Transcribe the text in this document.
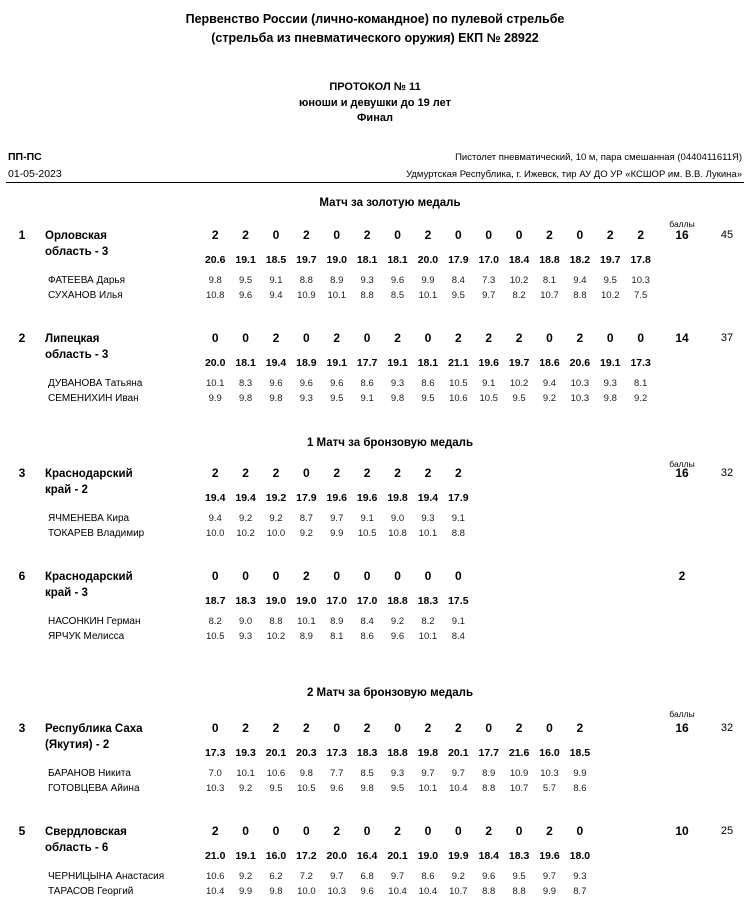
Первенство России (лично-командное) по пулевой стрельбе
(стрельба из пневматического оружия) ЕКП № 28922
ПРОТОКОЛ № 11
юноши и девушки до 19 лет
Финал
ПП-ПС
01-05-2023
Пистолет пневматический, 10 м, пара смешанная (0440411611Я)
Удмуртская Республика, г. Ижевск, тир АУ ДО УР «КСШОР им. В.В. Лукина»
Матч за золотую медаль
баллы
1	Орловская
область - 3
2 2 0 2 0 2 0 2 0 0 0 2 0 2 2
20.6 19.1 18.5 19.7 19.0 18.1 18.1 20.0 17.9 17.0 18.4 18.8 18.2 19.7 17.8
16	45
ФАТЕЕВА Дарья	9.8 9.5 9.1 8.8 8.9 9.3 9.6 9.9 8.4 7.3 10.2 8.1 9.4 9.5 10.3
СУХАНОВ Илья	10.8 9.6 9.4 10.9 10.1 8.8 8.5 10.1 9.5 9.7 8.2 10.7 8.8 10.2 7.5
2	Липецкая
область - 3
0 0 2 0 2 0 2 0 2 2 2 0 2 0 0
20.0 18.1 19.4 18.9 19.1 17.7 19.1 18.1 21.1 19.6 19.7 18.6 20.6 19.1 17.3
14	37
ДУВАНОВА Татьяна	10.1 8.3 9.6 9.6 9.6 8.6 9.3 8.6 10.5 9.1 10.2 9.4 10.3 9.3 8.1
СЕМЕНИХИН Иван	9.9 9.8 9.8 9.3 9.5 9.1 9.8 9.5 10.6 10.5 9.5 9.2 10.3 9.8 9.2
1 Матч за бронзовую медаль
баллы
3	Краснодарский
край - 2
2 2 2 0 2 2 2 2 2
19.4 19.4 19.2 17.9 19.6 19.6 19.8 19.4 17.9
16	32
ЯЧМЕНЕВА Кира	9.4 9.2 9.2 8.7 9.7 9.1 9.0 9.3 9.1
ТОКАРЕВ Владимир	10.0 10.2 10.0 9.2 9.9 10.5 10.8 10.1 8.8
6	Краснодарский
край - 3
0 0 0 2 0 0 0 0 0
18.7 18.3 19.0 19.0 17.0 17.0 18.8 18.3 17.5
2
НАСОНКИН Герман	8.2 9.0 8.8 10.1 8.9 8.4 9.2 8.2 9.1
ЯРЧУК Мелисса	10.5 9.3 10.2 8.9 8.1 8.6 9.6 10.1 8.4
2 Матч за бронзовую медаль
баллы
3	Республика Саха
(Якутия) - 2
0 2 2 2 0 2 0 2 2 0 2 0 2
17.3 19.3 20.1 20.3 17.3 18.3 18.8 19.8 20.1 17.7 21.6 16.0 18.5
16	32
БАРАНОВ Никита	7.0 10.1 10.6 9.8 7.7 8.5 9.3 9.7 9.7 8.9 10.9 10.3 9.9
ГОТОВЦЕВА Айина	10.3 9.2 9.5 10.5 9.6 9.8 9.5 10.1 10.4 8.8 10.7 5.7 8.6
5	Свердловская
область - 6
2 0 0 0 2 0 2 0 0 2 0 2 0
21.0 19.1 16.0 17.2 20.0 16.4 20.1 19.0 19.9 18.4 18.3 19.6 18.0
10	25
ЧЕРНИЦЫНА Анастасия	10.6 9.2 6.2 7.2 9.7 6.8 9.7 8.6 9.2 9.6 9.5 9.7 9.3
ТАРАСОВ Георгий	10.4 9.9 9.8 10.0 10.3 9.6 10.4 10.4 10.7 8.8 8.8 9.9 8.7
